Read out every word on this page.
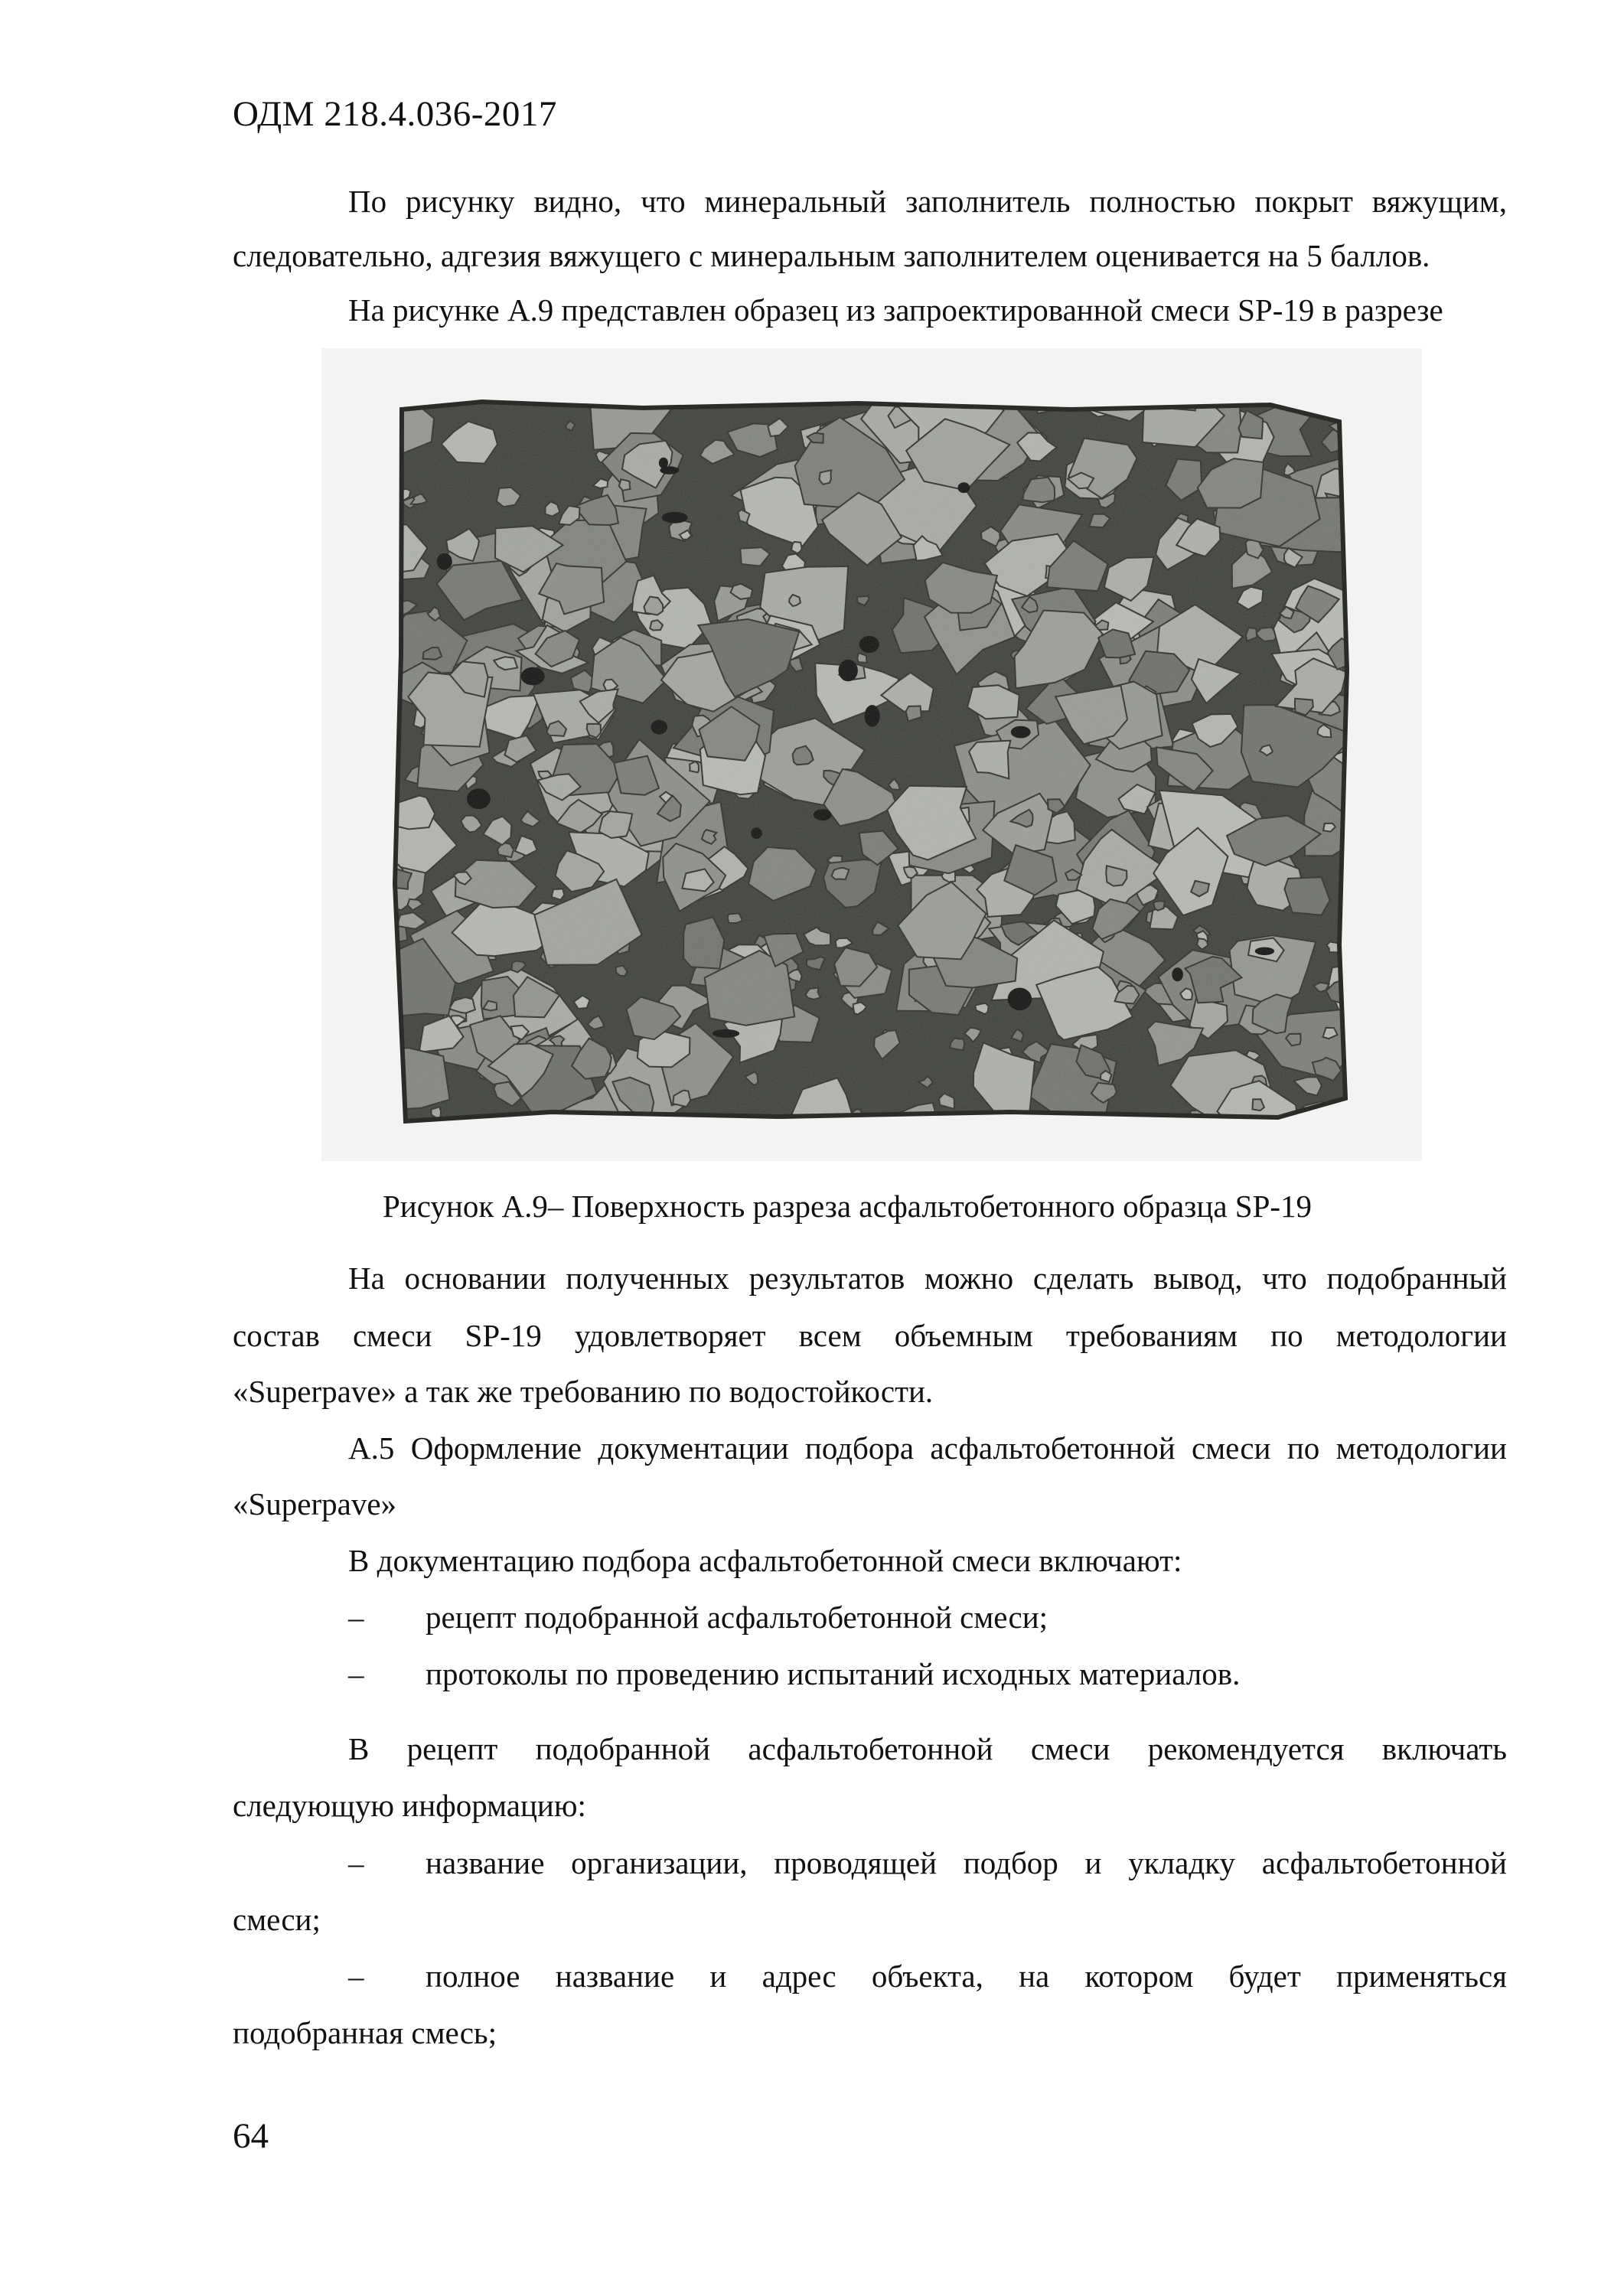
ОДМ 218.4.036-2017
По рисунку видно, что минеральный заполнитель полностью покрыт вяжущим,
следовательно, адгезия вяжущего с минеральным заполнителем оценивается на 5 баллов.
На рисунке А.9 представлен образец из запроектированной смеси SP-19 в разрезе
Рисунок А.9– Поверхность разреза асфальтобетонного образца SP-19
На основании полученных результатов можно сделать вывод, что подобранный
состав смеси SP-19 удовлетворяет всем объемным требованиям по методологии
«Superpave» а так же требованию по водостойкости.
А.5 Оформление документации подбора асфальтобетонной смеси по методологии
«Superpave»
В документацию подбора асфальтобетонной смеси включают:
– рецепт подобранной асфальтобетонной смеси;
– протоколы по проведению испытаний исходных материалов.
В рецепт подобранной асфальтобетонной смеси рекомендуется включать
следующую информацию:
– название организации, проводящей подбор и укладку асфальтобетонной
смеси;
– полное название и адрес объекта, на котором будет применяться
подобранная смесь;
64
